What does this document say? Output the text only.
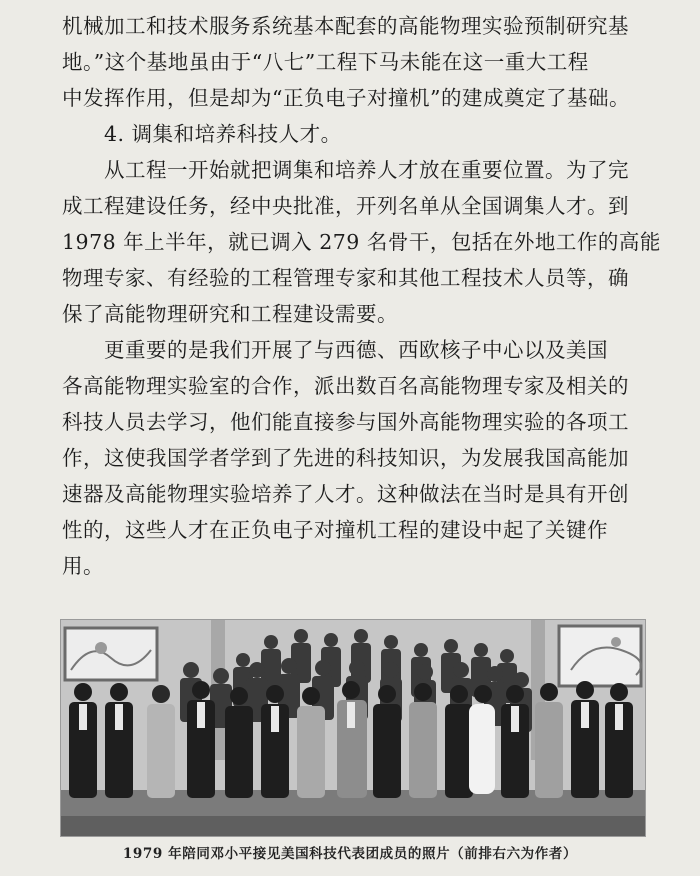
机械加工和技术服务系统基本配套的高能物理实验预制研究基
地。”这个基地虽由于“八七”工程下马未能在这一重大工程
中发挥作用，但是却为“正负电子对撞机”的建成奠定了基础。
4. 调集和培养科技人才。
从工程一开始就把调集和培养人才放在重要位置。为了完
成工程建设任务，经中央批准，开列名单从全国调集人才。到
1978 年上半年，就已调入 279 名骨干，包括在外地工作的高能
物理专家、有经验的工程管理专家和其他工程技术人员等，确
保了高能物理研究和工程建设需要。
更重要的是我们开展了与西德、西欧核子中心以及美国
各高能物理实验室的合作，派出数百名高能物理专家及相关的
科技人员去学习，他们能直接参与国外高能物理实验的各项工
作，这使我国学者学到了先进的科技知识，为发展我国高能加
速器及高能物理实验培养了人才。这种做法在当时是具有开创
性的，这些人才在正负电子对撞机工程的建设中起了关键作
用。
1979 年陪同邓小平接见美国科技代表团成员的照片（前排右六为作者）
